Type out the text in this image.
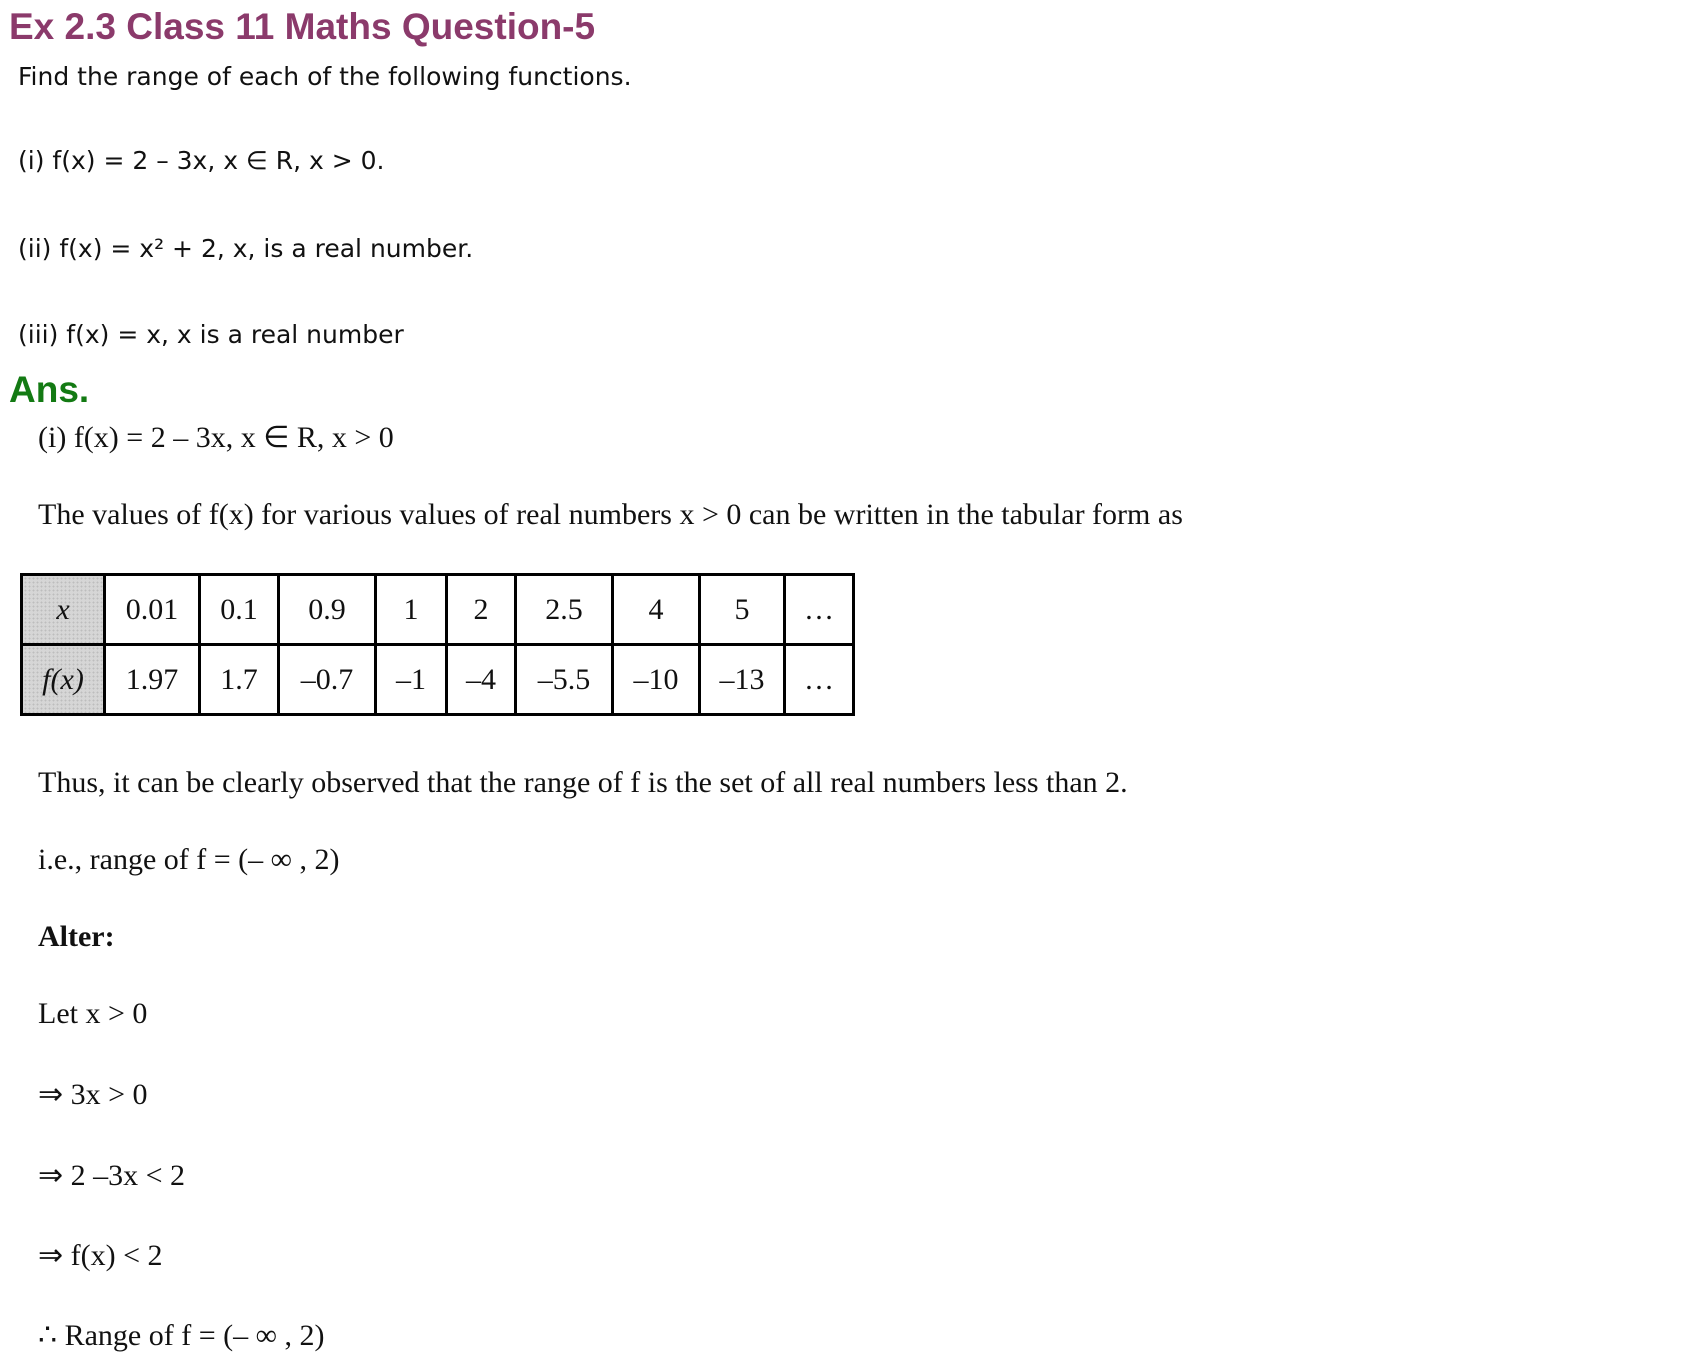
Ex 2.3 Class 11 Maths Question-5
Find the range of each of the following functions.
(i) f(x) = 2 – 3x, x ∈ R, x > 0.
(ii) f(x) = x² + 2, x, is a real number.
(iii) f(x) = x, x is a real number
Ans.
(i) f(x) = 2 – 3x, x ∈ R, x > 0
The values of f(x) for various values of real numbers x > 0 can be written in the tabular form as
x	0.01	0.1	0.9	1	2	2.5	4	5	…
f(x)	1.97	1.7	–0.7	–1	–4	–5.5	–10	–13	…
Thus, it can be clearly observed that the range of f is the set of all real numbers less than 2.
i.e., range of f = (– ∞ , 2)
Alter:
Let x > 0
⇒ 3x > 0
⇒ 2 –3x < 2
⇒ f(x) < 2
∴ Range of f = (– ∞ , 2)
